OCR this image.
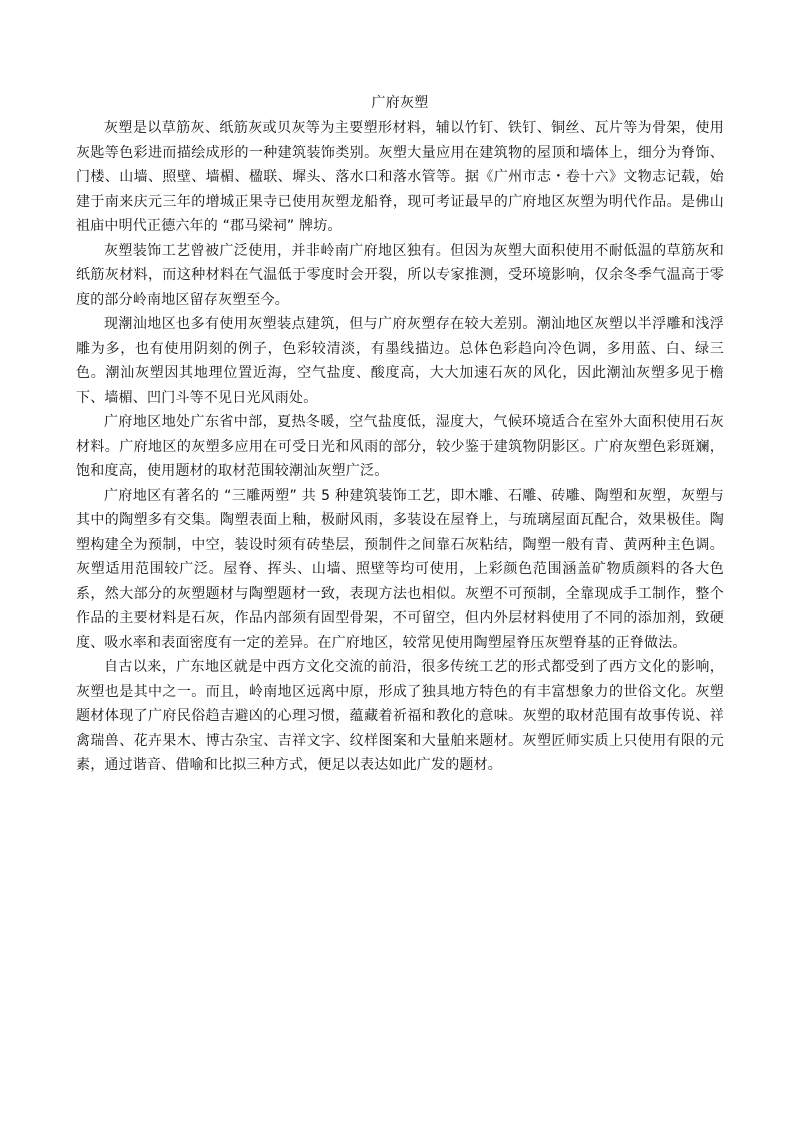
广府灰塑

灰塑是以草筋灰、纸筋灰或贝灰等为主要塑形材料，辅以竹钉、铁钉、铜丝、瓦片等为骨架，使用灰匙等色彩进而描绘成形的一种建筑装饰类别。灰塑大量应用在建筑物的屋顶和墙体上，细分为脊饰、门楼、山墙、照壁、墙楣、楹联、墀头、落水口和落水管等。据《广州市志・卷十六》文物志记载，始建于南来庆元三年的增城正果寺已使用灰塑龙船脊，现可考证最早的广府地区灰塑为明代作品。是佛山祖庙中明代正德六年的 “郡马梁祠” 牌坊。

灰塑装饰工艺曾被广泛使用，并非岭南广府地区独有。但因为灰塑大面积使用不耐低温的草筋灰和纸筋灰材料，而这种材料在气温低于零度时会开裂，所以专家推测，受环境影响，仅余冬季气温高于零度的部分岭南地区留存灰塑至今。

现潮汕地区也多有使用灰塑装点建筑，但与广府灰塑存在较大差别。潮汕地区灰塑以半浮雕和浅浮雕为多，也有使用阴刻的例子，色彩较清淡，有墨线描边。总体色彩趋向冷色调，多用蓝、白、绿三色。潮汕灰塑因其地理位置近海，空气盐度、酸度高，大大加速石灰的风化，因此潮汕灰塑多见于檐下、墙楣、凹门斗等不见日光风雨处。

广府地区地处广东省中部，夏热冬暖，空气盐度低，湿度大，气候环境适合在室外大面积使用石灰材料。广府地区的灰塑多应用在可受日光和风雨的部分，较少鉴于建筑物阴影区。广府灰塑色彩斑斓，饱和度高，使用题材的取材范围较潮汕灰塑广泛。

广府地区有著名的 “三雕两塑” 共 5 种建筑装饰工艺，即木雕、石雕、砖雕、陶塑和灰塑，灰塑与其中的陶塑多有交集。陶塑表面上釉，极耐风雨，多装设在屋脊上，与琉璃屋面瓦配合，效果极佳。陶塑构建全为预制，中空，装设时须有砖垫层，预制件之间靠石灰粘结，陶塑一般有青、黄两种主色调。灰塑适用范围较广泛。屋脊、挥头、山墙、照壁等均可使用，上彩颜色范围涵盖矿物质颜料的各大色系，然大部分的灰塑题材与陶塑题材一致，表现方法也相似。灰塑不可预制，全靠现成手工制作，整个作品的主要材料是石灰，作品内部须有固型骨架，不可留空，但内外层材料使用了不同的添加剂，致硬度、吸水率和表面密度有一定的差异。在广府地区，较常见使用陶塑屋脊压灰塑脊基的正脊做法。

自古以来，广东地区就是中西方文化交流的前沿，很多传统工艺的形式都受到了西方文化的影响，灰塑也是其中之一。而且，岭南地区远离中原，形成了独具地方特色的有丰富想象力的世俗文化。灰塑题材体现了广府民俗趋吉避凶的心理习惯，蕴藏着祈福和教化的意味。灰塑的取材范围有故事传说、祥禽瑞兽、花卉果木、博古杂宝、吉祥文字、纹样图案和大量舶来题材。灰塑匠师实质上只使用有限的元素，通过谐音、借喻和比拟三种方式，便足以表达如此广发的题材。
